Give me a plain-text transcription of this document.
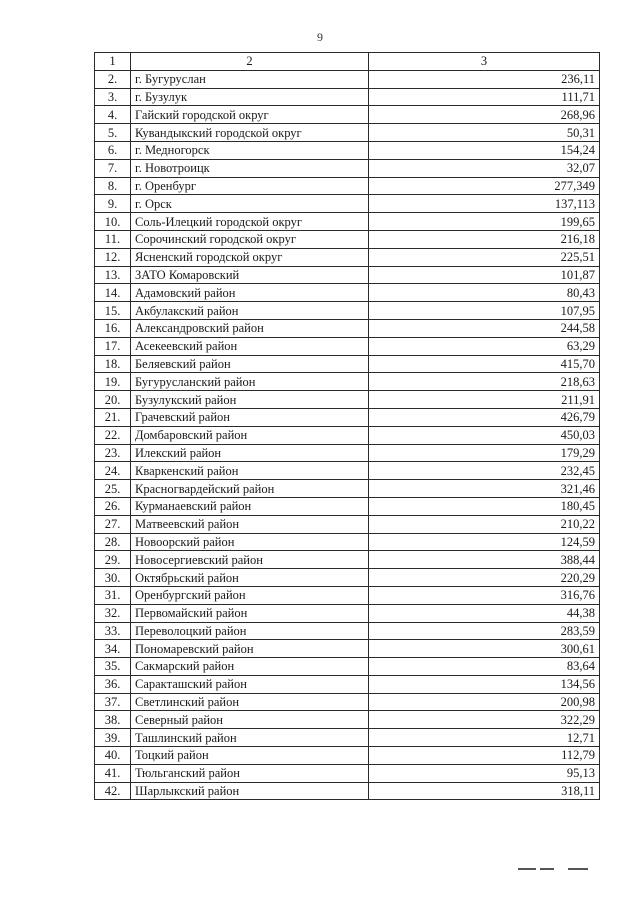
9
1	2	3
2.	г. Бугуруслан	236,11
3.	г. Бузулук	111,71
4.	Гайский городской округ	268,96
5.	Кувандыкский городской округ	50,31
6.	г. Медногорск	154,24
7.	г. Новотроицк	32,07
8.	г. Оренбург	277,349
9.	г. Орск	137,113
10.	Соль-Илецкий городской округ	199,65
11.	Сорочинский городской округ	216,18
12.	Ясненский городской округ	225,51
13.	ЗАТО Комаровский	101,87
14.	Адамовский район	80,43
15.	Акбулакский район	107,95
16.	Александровский район	244,58
17.	Асекеевский район	63,29
18.	Беляевский район	415,70
19.	Бугурусланский район	218,63
20.	Бузулукский район	211,91
21.	Грачевский район	426,79
22.	Домбаровский район	450,03
23.	Илекский район	179,29
24.	Кваркенский район	232,45
25.	Красногвардейский район	321,46
26.	Курманаевский район	180,45
27.	Матвеевский район	210,22
28.	Новоорский район	124,59
29.	Новосергиевский район	388,44
30.	Октябрьский район	220,29
31.	Оренбургский район	316,76
32.	Первомайский район	44,38
33.	Переволоцкий район	283,59
34.	Пономаревский район	300,61
35.	Сакмарский район	83,64
36.	Саракташский район	134,56
37.	Светлинский район	200,98
38.	Северный район	322,29
39.	Ташлинский район	12,71
40.	Тоцкий район	112,79
41.	Тюльганский район	95,13
42.	Шарлыкский район	318,11
